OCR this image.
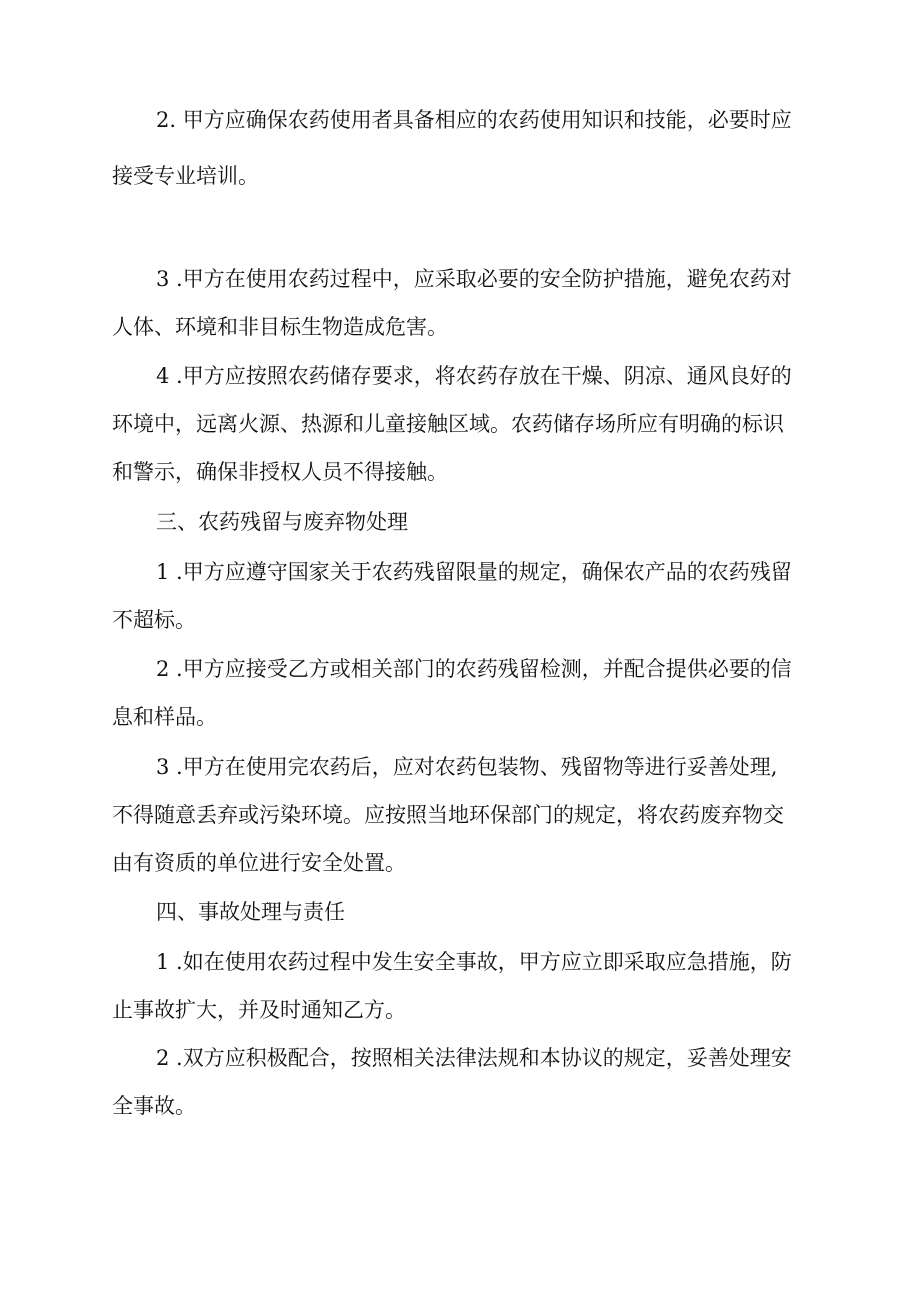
2. 甲方应确保农药使用者具备相应的农药使用知识和技能，必要时应
接受专业培训。
3 .甲方在使用农药过程中，应采取必要的安全防护措施，避免农药对
人体、环境和非目标生物造成危害。
4 .甲方应按照农药储存要求，将农药存放在干燥、阴凉、通风良好的
环境中，远离火源、热源和儿童接触区域。农药储存场所应有明确的标识
和警示，确保非授权人员不得接触。
三、农药残留与废弃物处理
1 .甲方应遵守国家关于农药残留限量的规定，确保农产品的农药残留
不超标。
2 .甲方应接受乙方或相关部门的农药残留检测，并配合提供必要的信
息和样品。
3 .甲方在使用完农药后，应对农药包装物、残留物等进行妥善处理,
不得随意丢弃或污染环境。应按照当地环保部门的规定，将农药废弃物交
由有资质的单位进行安全处置。
四、事故处理与责任
1 .如在使用农药过程中发生安全事故，甲方应立即采取应急措施，防
止事故扩大，并及时通知乙方。
2 .双方应积极配合，按照相关法律法规和本协议的规定，妥善处理安
全事故。
